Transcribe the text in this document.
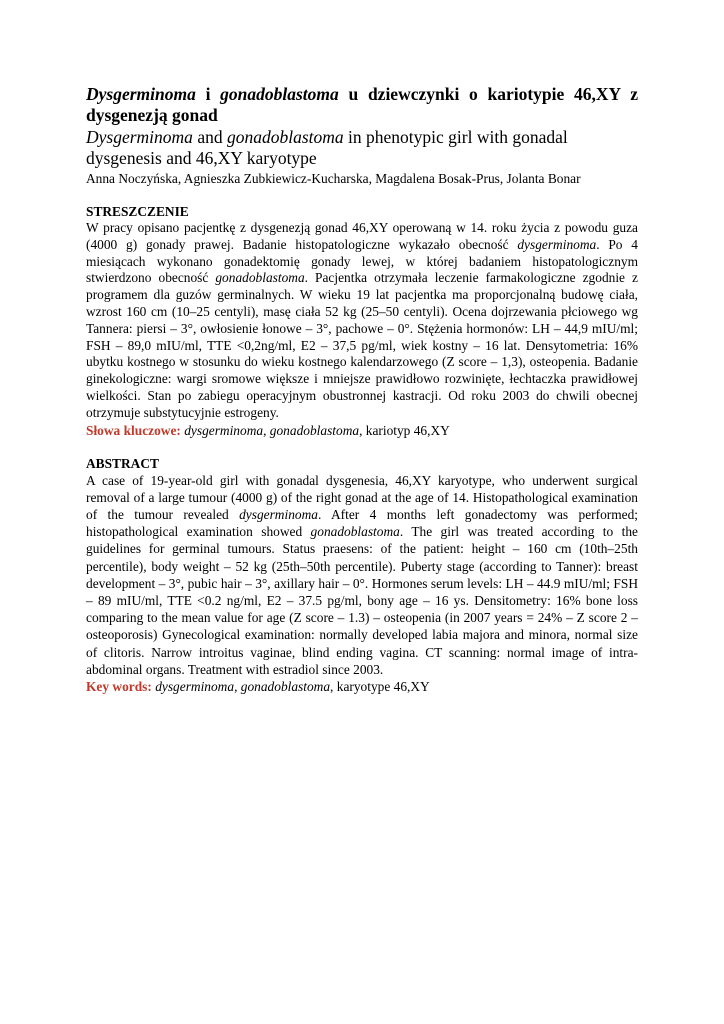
Dysgerminoma i gonadoblastoma u dziewczynki o kariotypie 46,XY z dysgenezją gonad
Dysgerminoma and gonadoblastoma in phenotypic girl with gonadal dysgenesis and 46,XY karyotype
Anna Noczyńska, Agnieszka Zubkiewicz-Kucharska, Magdalena Bosak-Prus, Jolanta Bonar
STRESZCZENIE
W pracy opisano pacjentkę z dysgenezją gonad 46,XY operowaną w 14. roku życia z powodu guza (4000 g) gonady prawej. Badanie histopatologiczne wykazało obecność dysgerminoma. Po 4 miesiącach wykonano gonadektomię gonady lewej, w której badaniem histopatologicznym stwierdzono obecność gonadoblastoma. Pacjentka otrzymała leczenie farmakologiczne zgodnie z programem dla guzów germinalnych. W wieku 19 lat pacjentka ma proporcjonalną budowę ciała, wzrost 160 cm (10–25 centyli), masę ciała 52 kg (25–50 centyli). Ocena dojrzewania płciowego wg Tannera: piersi – 3°, owłosienie łonowe – 3°, pachowe – 0°. Stężenia hormonów: LH – 44,9 mIU/ml; FSH – 89,0 mIU/ml, TTE <0,2ng/ml, E2 – 37,5 pg/ml, wiek kostny – 16 lat. Densytometria: 16% ubytku kostnego w stosunku do wieku kostnego kalendarzowego (Z score – 1,3), osteopenia. Badanie ginekologiczne: wargi sromowe większe i mniejsze prawidłowo rozwinięte, łechtaczka prawidłowej wielkości. Stan po zabiegu operacyjnym obustronnej kastracji. Od roku 2003 do chwili obecnej otrzymuje substytucyjnie estrogeny.
Słowa kluczowe: dysgerminoma, gonadoblastoma, kariotyp 46,XY
ABSTRACT
A case of 19-year-old girl with gonadal dysgenesia, 46,XY karyotype, who underwent surgical removal of a large tumour (4000 g) of the right gonad at the age of 14. Histopathological examination of the tumour revealed dysgerminoma. After 4 months left gonadectomy was performed; histopathological examination showed gonadoblastoma. The girl was treated according to the guidelines for germinal tumours. Status praesens: of the patient: height – 160 cm (10th–25th percentile), body weight – 52 kg (25th–50th percentile). Puberty stage (according to Tanner): breast development – 3°, pubic hair – 3°, axillary hair – 0°. Hormones serum levels: LH – 44.9 mIU/ml; FSH – 89 mIU/ml, TTE <0.2 ng/ml, E2 – 37.5 pg/ml, bony age – 16 ys. Densitometry: 16% bone loss comparing to the mean value for age (Z score – 1.3) – osteopenia (in 2007 years = 24% – Z score 2 – osteoporosis) Gynecological examination: normally developed labia majora and minora, normal size of clitoris. Narrow introitus vaginae, blind ending vagina. CT scanning: normal image of intra-abdominal organs. Treatment with estradiol since 2003.
Key words: dysgerminoma, gonadoblastoma, karyotype 46,XY
